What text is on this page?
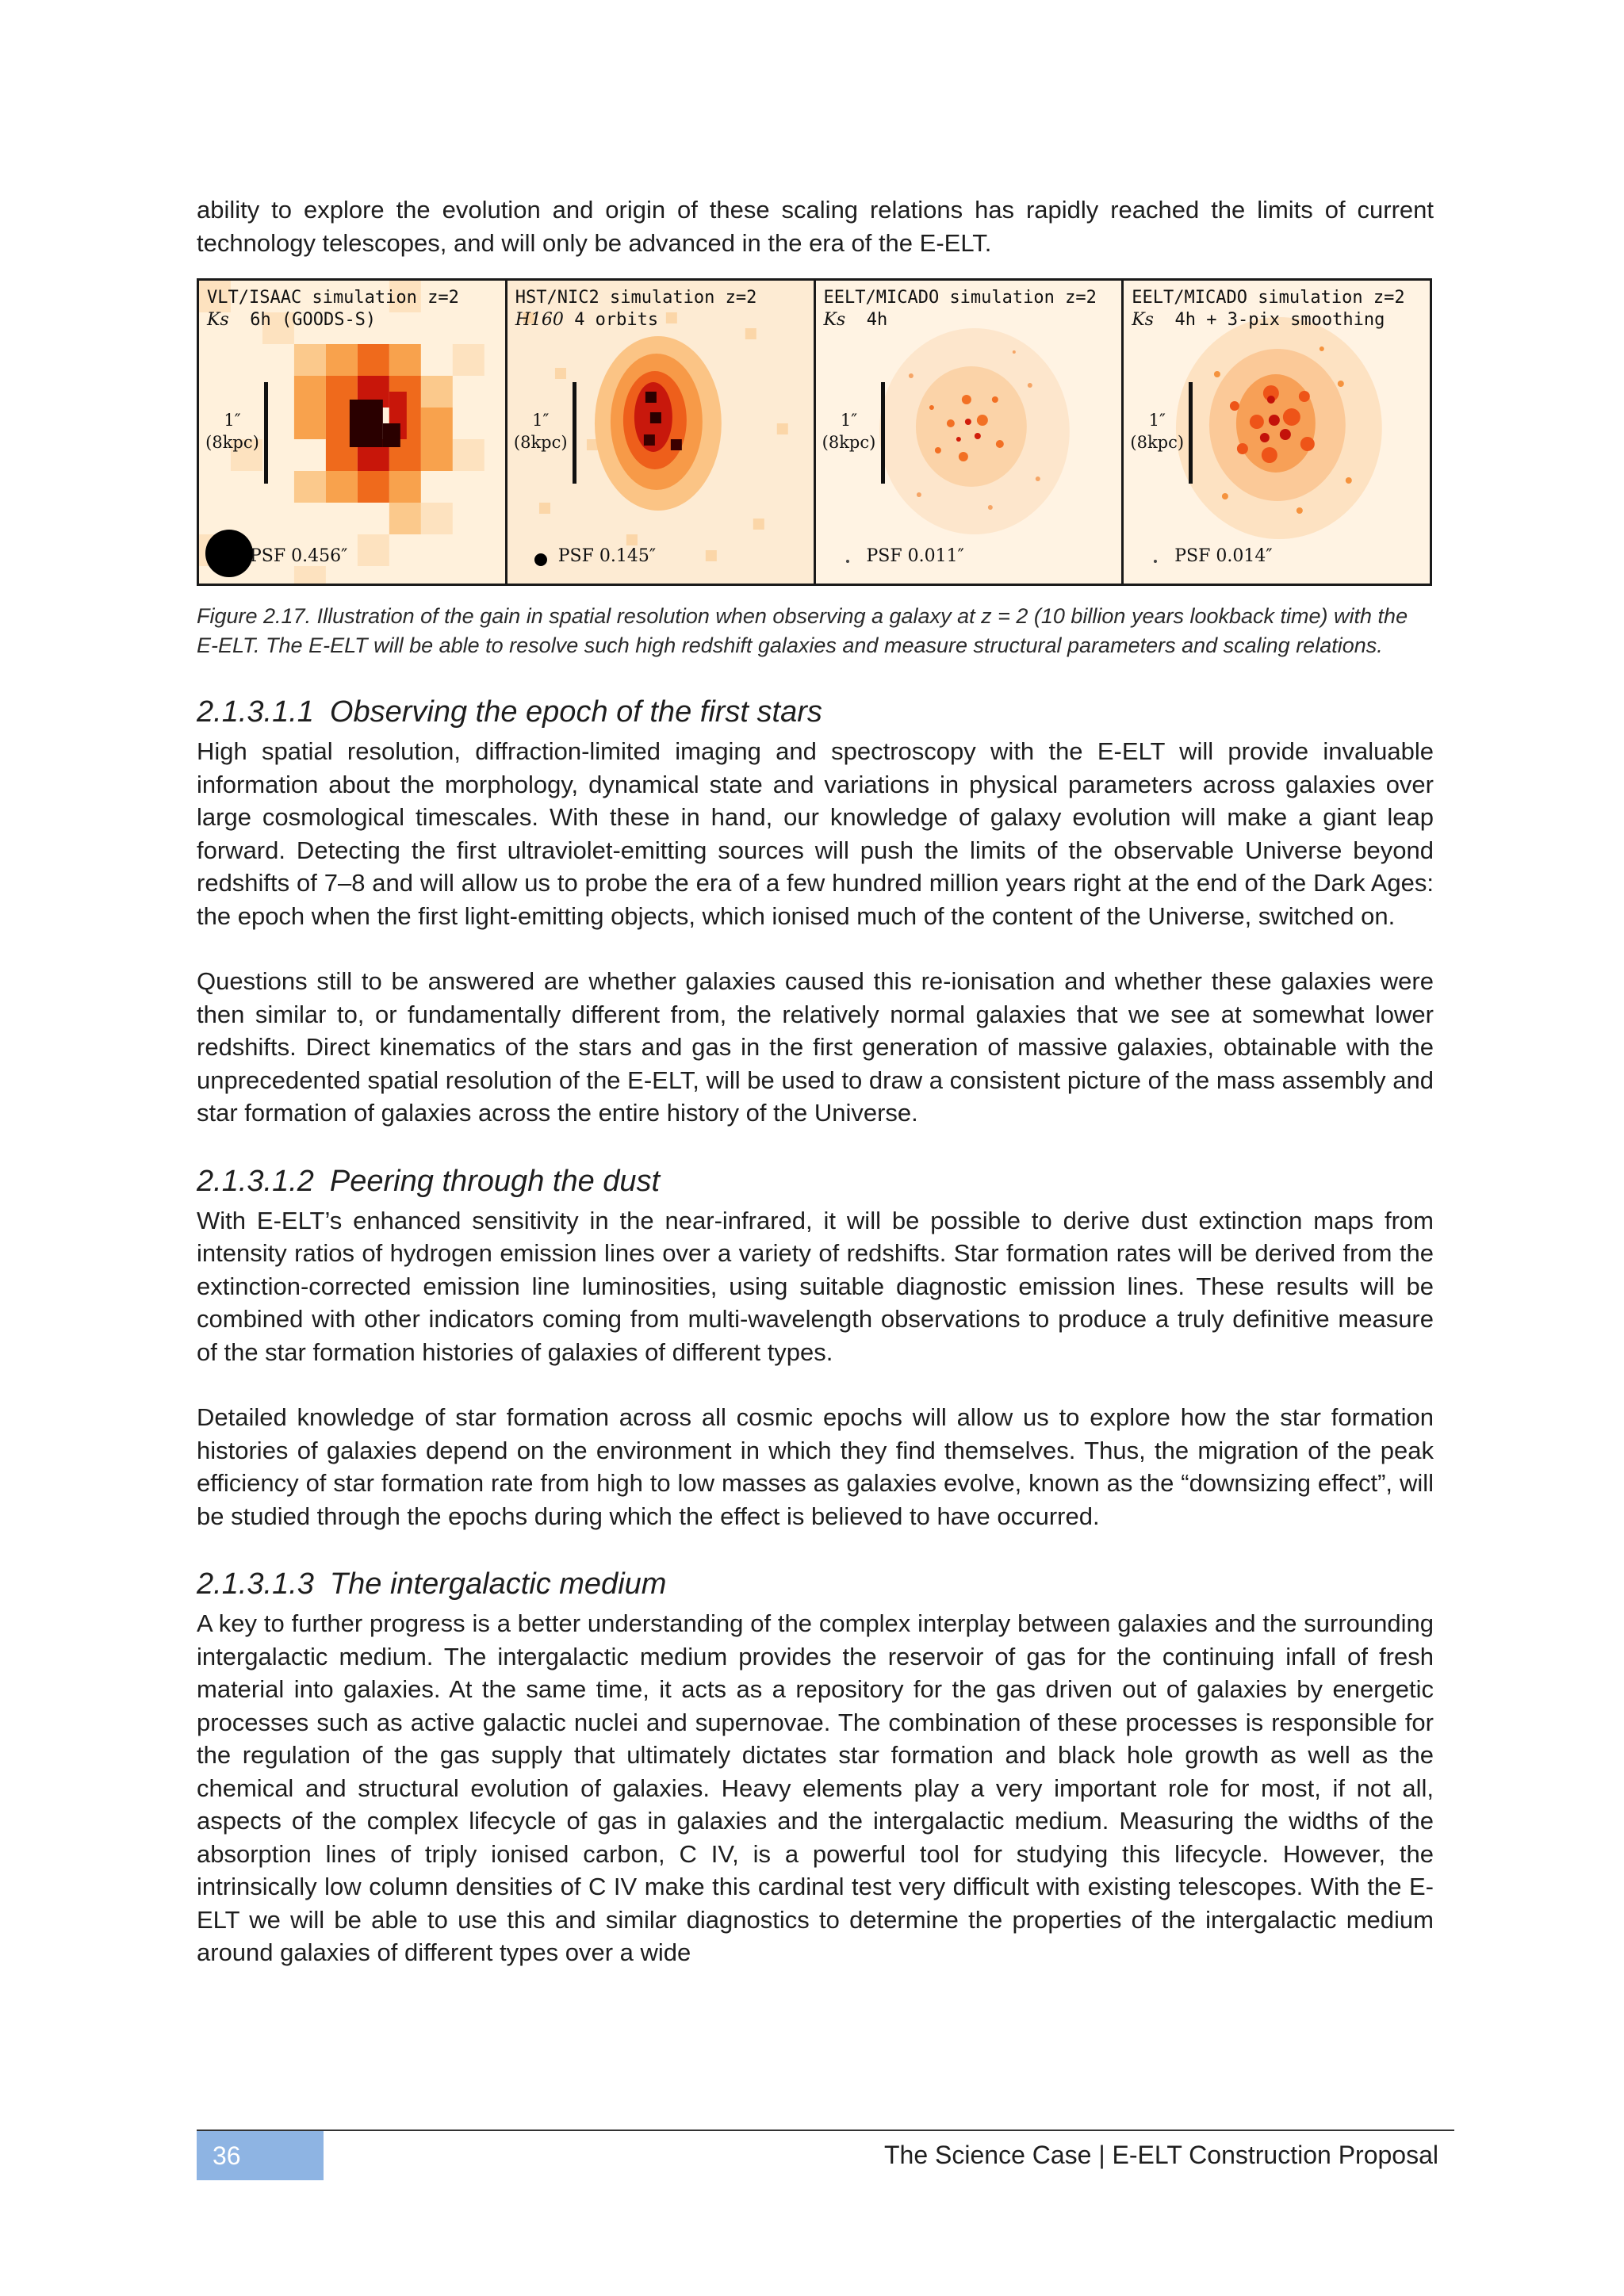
ability to explore the evolution and origin of these scaling relations has rapidly reached the limits of current technology telescopes, and will only be advanced in the era of the E-ELT.

VLT/ISAAC simulation z=2
Ks 6h (GOODS-S)
1″
(8kpc)
PSF 0.456″
HST/NIC2 simulation z=2
H160 4 orbits
1″
(8kpc)
PSF 0.145″
EELT/MICADO simulation z=2
Ks 4h
1″
(8kpc)
PSF 0.011″
EELT/MICADO simulation z=2
Ks 4h + 3-pix smoothing
1″
(8kpc)
PSF 0.014″
Figure 2.17. Illustration of the gain in spatial resolution when observing a galaxy at z = 2 (10 billion years lookback time) with the E-ELT. The E-ELT will be able to resolve such high redshift galaxies and measure structural parameters and scaling relations.
2.1.3.1.1 Observing the epoch of the first stars

High spatial resolution, diffraction-limited imaging and spectroscopy with the E-ELT will provide invaluable information about the morphology, dynamical state and variations in physical parameters across galaxies over large cosmological timescales. With these in hand, our knowledge of galaxy evolution will make a giant leap forward. Detecting the first ultraviolet-emitting sources will push the limits of the observable Universe beyond redshifts of 7–8 and will allow us to probe the era of a few hundred million years right at the end of the Dark Ages: the epoch when the first light-emitting objects, which ionised much of the content of the Universe, switched on.

Questions still to be answered are whether galaxies caused this re-ionisation and whether these galaxies were then similar to, or fundamentally different from, the relatively normal galaxies that we see at somewhat lower redshifts. Direct kinematics of the stars and gas in the first generation of massive galaxies, obtainable with the unprecedented spatial resolution of the E-ELT, will be used to draw a consistent picture of the mass assembly and star formation of galaxies across the entire history of the Universe.

2.1.3.1.2 Peering through the dust

With E-ELT’s enhanced sensitivity in the near-infrared, it will be possible to derive dust extinction maps from intensity ratios of hydrogen emission lines over a variety of redshifts. Star formation rates will be derived from the extinction-corrected emission line luminosities, using suitable diagnostic emission lines. These results will be combined with other indicators coming from multi-wavelength observations to produce a truly definitive measure of the star formation histories of galaxies of different types.

Detailed knowledge of star formation across all cosmic epochs will allow us to explore how the star formation histories of galaxies depend on the environment in which they find themselves. Thus, the migration of the peak efficiency of star formation rate from high to low masses as galaxies evolve, known as the “downsizing effect”, will be studied through the epochs during which the effect is believed to have occurred.

2.1.3.1.3 The intergalactic medium

A key to further progress is a better understanding of the complex interplay between galaxies and the surrounding intergalactic medium. The intergalactic medium provides the reservoir of gas for the continuing infall of fresh material into galaxies. At the same time, it acts as a repository for the gas driven out of galaxies by energetic processes such as active galactic nuclei and supernovae. The combination of these processes is responsible for the regulation of the gas supply that ultimately dictates star formation and black hole growth as well as the chemical and structural evolution of galaxies. Heavy elements play a very important role for most, if not all, aspects of the complex lifecycle of gas in galaxies and the intergalactic medium. Measuring the widths of the absorption lines of triply ionised carbon, C IV, is a powerful tool for studying this lifecycle. However, the intrinsically low column densities of C IV make this cardinal test very difficult with existing telescopes. With the E-ELT we will be able to use this and similar diagnostics to determine the properties of the intergalactic medium around galaxies of different types over a wide

36	The Science Case | E-ELT Construction Proposal
